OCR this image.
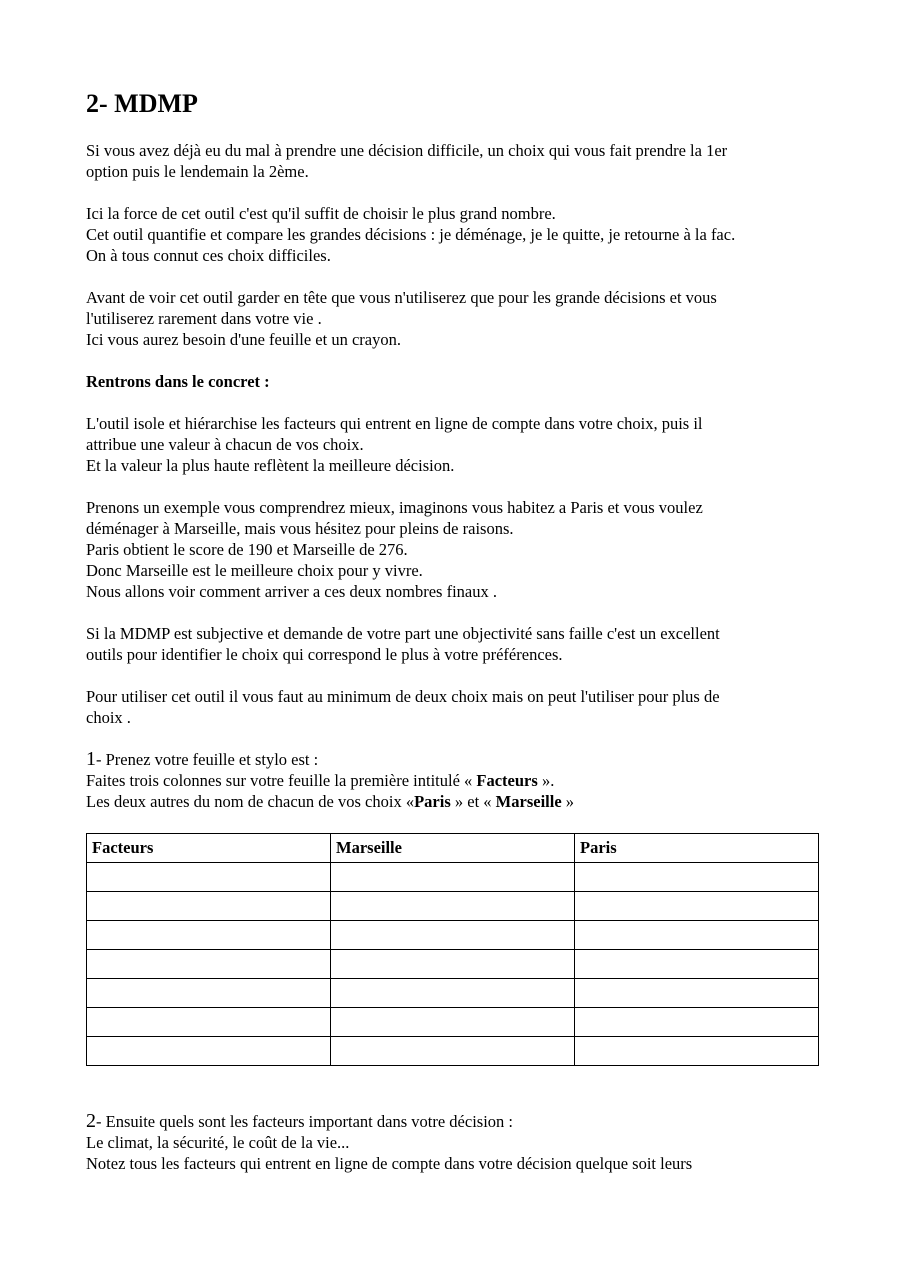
2- MDMP
Si vous avez déjà eu du mal à prendre une décision difficile, un choix qui vous fait prendre la 1er
option puis le lendemain la 2ème.
Ici la force de cet outil c'est qu'il suffit de choisir le plus grand nombre.
Cet outil quantifie et compare les grandes décisions : je déménage, je le quitte, je retourne à la fac.
On à tous connut ces choix difficiles.
Avant de voir cet outil garder en tête que vous n'utiliserez que pour les grande décisions et vous
l'utiliserez rarement dans votre vie .
Ici vous aurez besoin d'une feuille et un crayon.
Rentrons dans le concret :
L'outil isole et hiérarchise les facteurs qui entrent en ligne de compte dans votre choix, puis il
attribue une valeur à chacun de vos choix.
Et la valeur la plus haute reflètent la meilleure décision.
Prenons un exemple vous comprendrez mieux, imaginons vous habitez a Paris et vous voulez
déménager à Marseille, mais vous hésitez pour pleins de raisons.
Paris obtient le score de 190 et Marseille de 276.
Donc Marseille est le meilleure choix pour y vivre.
Nous allons voir comment arriver a ces deux nombres finaux .
Si la MDMP est subjective et demande de votre part une objectivité sans faille c'est un excellent
outils pour identifier le choix qui correspond le plus à votre préférences.
Pour utiliser cet outil il vous faut au minimum de deux choix mais on peut l'utiliser pour plus de
choix .
1- Prenez votre feuille et stylo est :
Faites trois colonnes sur votre feuille la première intitulé « Facteurs ».
Les deux autres du nom de chacun de vos choix «Paris » et « Marseille »
Facteurs	Marseille	Paris

2- Ensuite quels sont les facteurs important dans votre décision :
Le climat, la sécurité, le coût de la vie...
Notez tous les facteurs qui entrent en ligne de compte dans votre décision quelque soit leurs
